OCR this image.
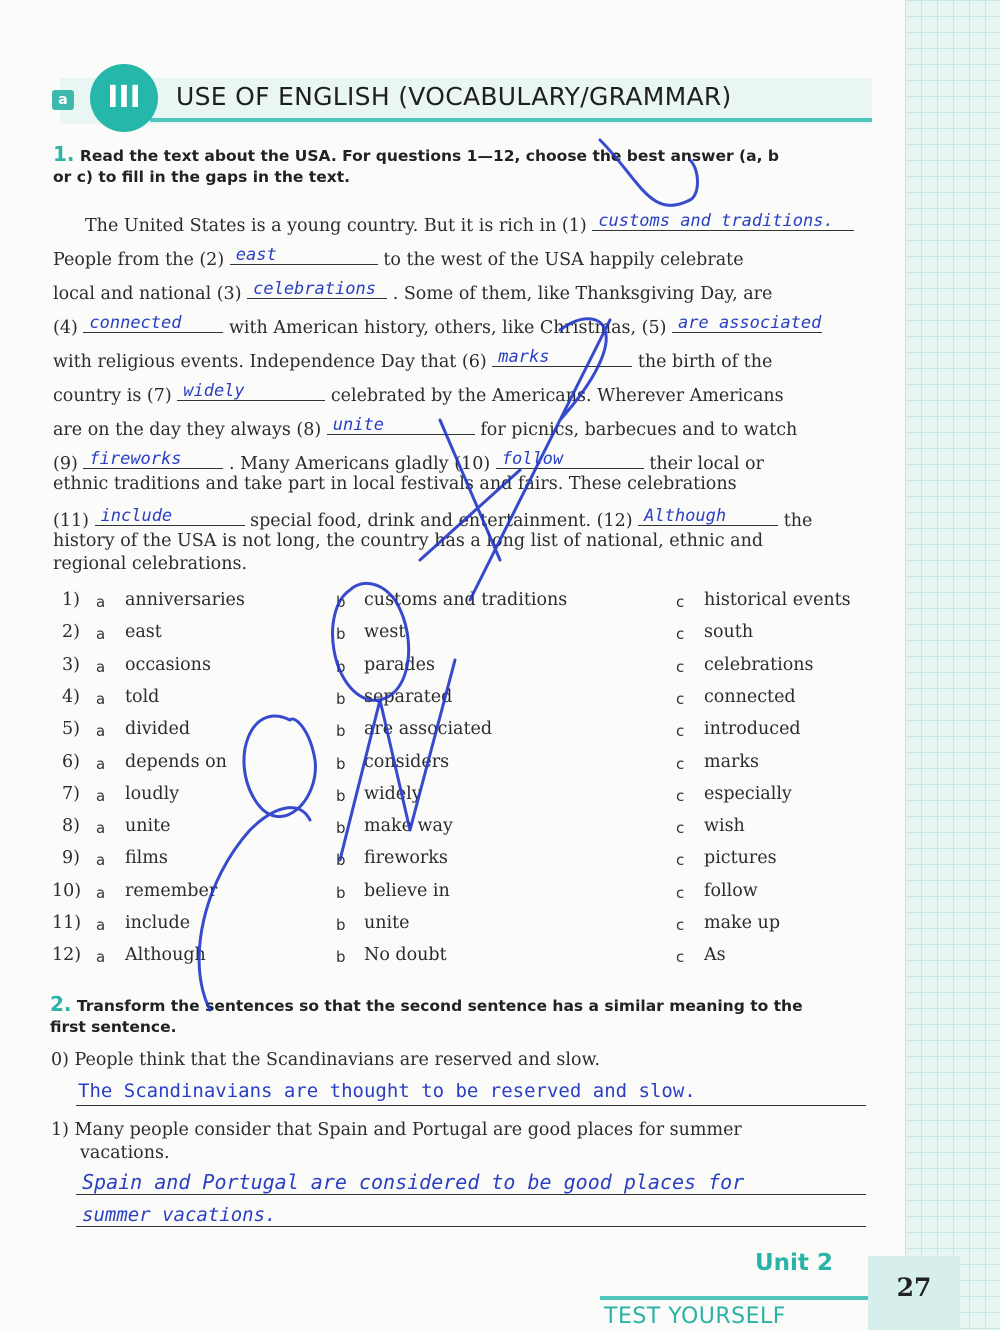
a	III	USE OF ENGLISH (VOCABULARY/GRAMMAR)
1. Read the text about the USA. For questions 1—12, choose the best answer (a, b
or c) to fill in the gaps in the text.
The United States is a young country. But it is rich in (1) customs and traditions.
People from the (2) east	to the west of the USA happily celebrate
local and national (3) celebrations . Some of them, like Thanksgiving Day, are
(4) connected	with American history, others, like Christmas, (5) are associated
with religious events. Independence Day that (6) marks	the birth of the
country is (7) widely	celebrated by the Americans. Wherever Americans
are on the day they always (8) unite	for picnics, barbecues and to watch
(9) fireworks	. Many Americans gladly (10) follow	their local or
ethnic traditions and take part in local festivals and fairs. These celebrations
(11) include	special food, drink and entertainment. (12) Although	the
history of the USA is not long, the country has a long list of national, ethnic and
regional celebrations.
1) a anniversaries	b customs and traditions	c historical events
2) a east	b west	c south
3) a occasions	b parades	c celebrations
4) a told	b separated	c connected
5) a divided	b are associated	c introduced
6) a depends on	b considers	c marks
7) a loudly	b widely	c especially
8) a unite	b make way	c wish
9) a films	b fireworks	c pictures
10) a remember	b believe in	c follow
11) a include	b unite	c make up
12) a Although	b No doubt	c As
2. Transform the sentences so that the second sentence has a similar meaning to the
first sentence.
0) People think that the Scandinavians are reserved and slow.
The Scandinavians are thought to be reserved and slow.
1) Many people consider that Spain and Portugal are good places for summer
vacations.
Spain and Portugal are considered to be good places for
summer vacations.
списано
Unit 2
TEST YOURSELF
27
